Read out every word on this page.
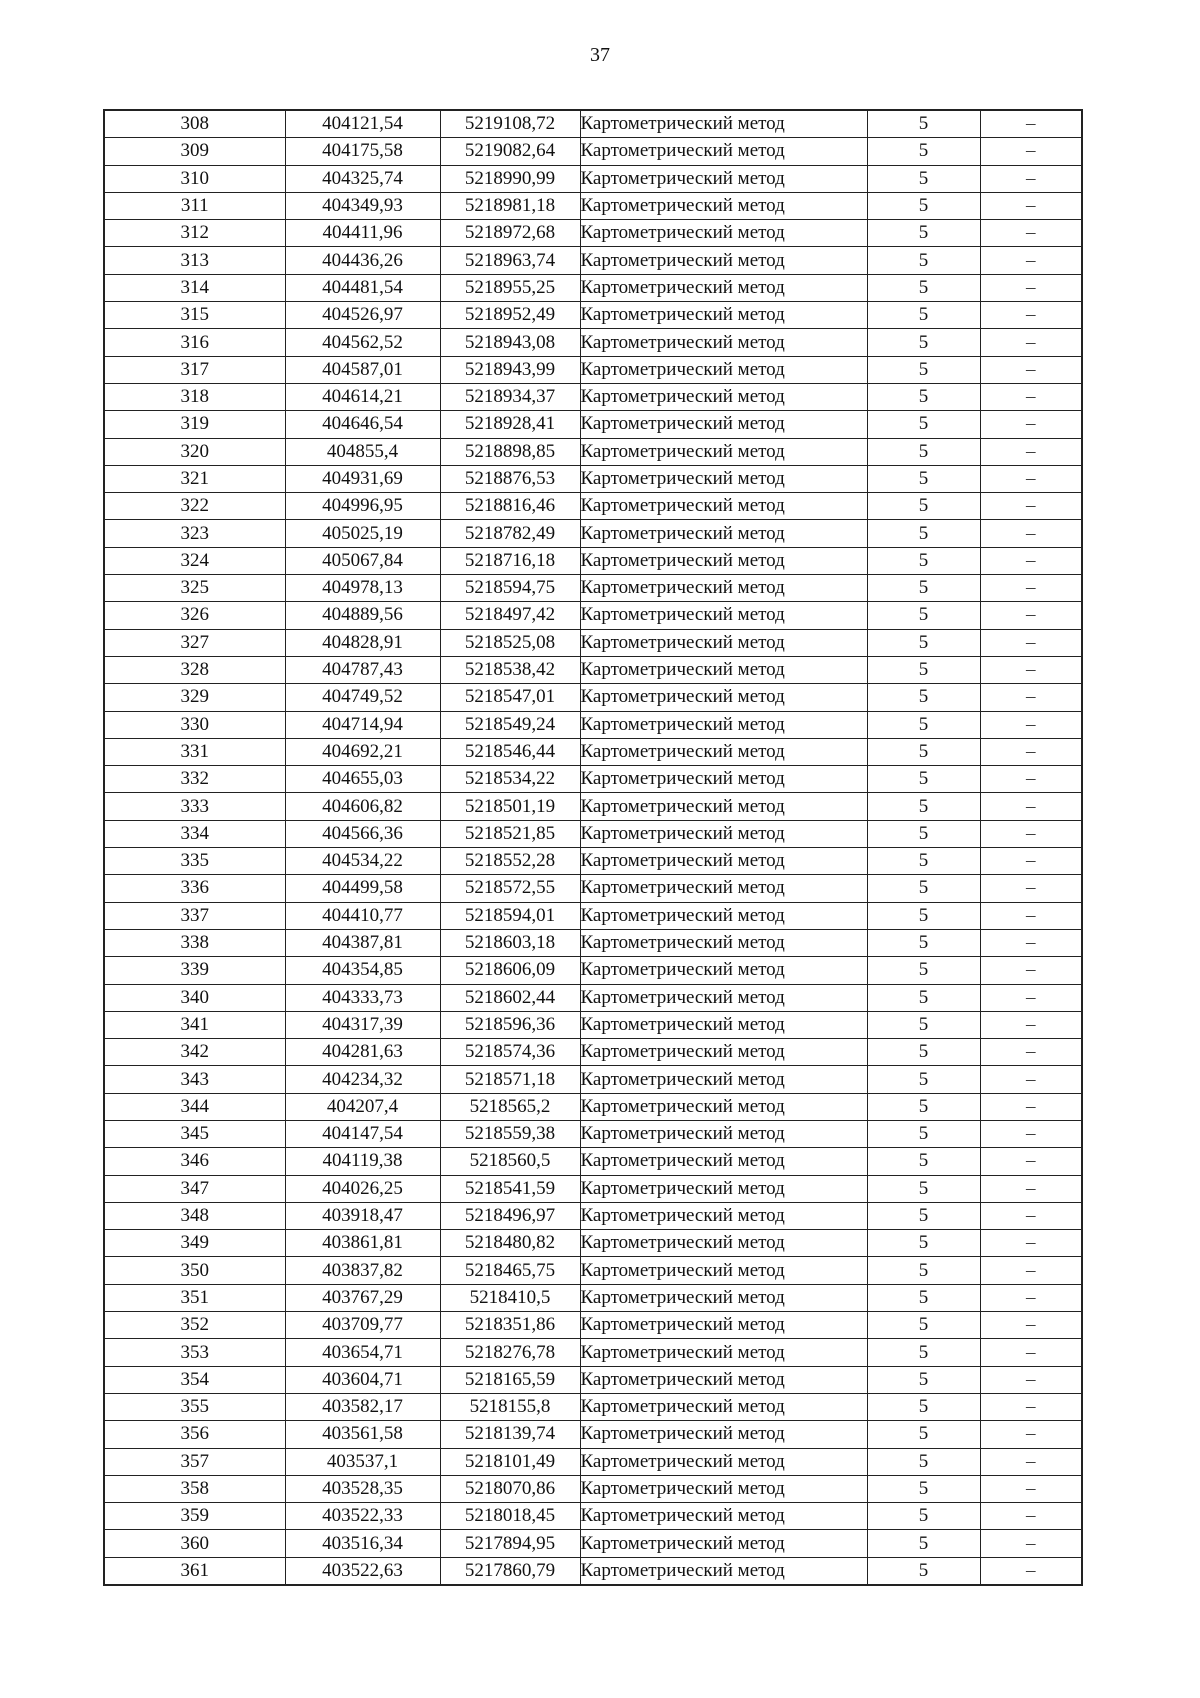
37
308	404121,54	5219108,72	Картометрический метод	5	–
309	404175,58	5219082,64	Картометрический метод	5	–
310	404325,74	5218990,99	Картометрический метод	5	–
311	404349,93	5218981,18	Картометрический метод	5	–
312	404411,96	5218972,68	Картометрический метод	5	–
313	404436,26	5218963,74	Картометрический метод	5	–
314	404481,54	5218955,25	Картометрический метод	5	–
315	404526,97	5218952,49	Картометрический метод	5	–
316	404562,52	5218943,08	Картометрический метод	5	–
317	404587,01	5218943,99	Картометрический метод	5	–
318	404614,21	5218934,37	Картометрический метод	5	–
319	404646,54	5218928,41	Картометрический метод	5	–
320	404855,4	5218898,85	Картометрический метод	5	–
321	404931,69	5218876,53	Картометрический метод	5	–
322	404996,95	5218816,46	Картометрический метод	5	–
323	405025,19	5218782,49	Картометрический метод	5	–
324	405067,84	5218716,18	Картометрический метод	5	–
325	404978,13	5218594,75	Картометрический метод	5	–
326	404889,56	5218497,42	Картометрический метод	5	–
327	404828,91	5218525,08	Картометрический метод	5	–
328	404787,43	5218538,42	Картометрический метод	5	–
329	404749,52	5218547,01	Картометрический метод	5	–
330	404714,94	5218549,24	Картометрический метод	5	–
331	404692,21	5218546,44	Картометрический метод	5	–
332	404655,03	5218534,22	Картометрический метод	5	–
333	404606,82	5218501,19	Картометрический метод	5	–
334	404566,36	5218521,85	Картометрический метод	5	–
335	404534,22	5218552,28	Картометрический метод	5	–
336	404499,58	5218572,55	Картометрический метод	5	–
337	404410,77	5218594,01	Картометрический метод	5	–
338	404387,81	5218603,18	Картометрический метод	5	–
339	404354,85	5218606,09	Картометрический метод	5	–
340	404333,73	5218602,44	Картометрический метод	5	–
341	404317,39	5218596,36	Картометрический метод	5	–
342	404281,63	5218574,36	Картометрический метод	5	–
343	404234,32	5218571,18	Картометрический метод	5	–
344	404207,4	5218565,2	Картометрический метод	5	–
345	404147,54	5218559,38	Картометрический метод	5	–
346	404119,38	5218560,5	Картометрический метод	5	–
347	404026,25	5218541,59	Картометрический метод	5	–
348	403918,47	5218496,97	Картометрический метод	5	–
349	403861,81	5218480,82	Картометрический метод	5	–
350	403837,82	5218465,75	Картометрический метод	5	–
351	403767,29	5218410,5	Картометрический метод	5	–
352	403709,77	5218351,86	Картометрический метод	5	–
353	403654,71	5218276,78	Картометрический метод	5	–
354	403604,71	5218165,59	Картометрический метод	5	–
355	403582,17	5218155,8	Картометрический метод	5	–
356	403561,58	5218139,74	Картометрический метод	5	–
357	403537,1	5218101,49	Картометрический метод	5	–
358	403528,35	5218070,86	Картометрический метод	5	–
359	403522,33	5218018,45	Картометрический метод	5	–
360	403516,34	5217894,95	Картометрический метод	5	–
361	403522,63	5217860,79	Картометрический метод	5	–
